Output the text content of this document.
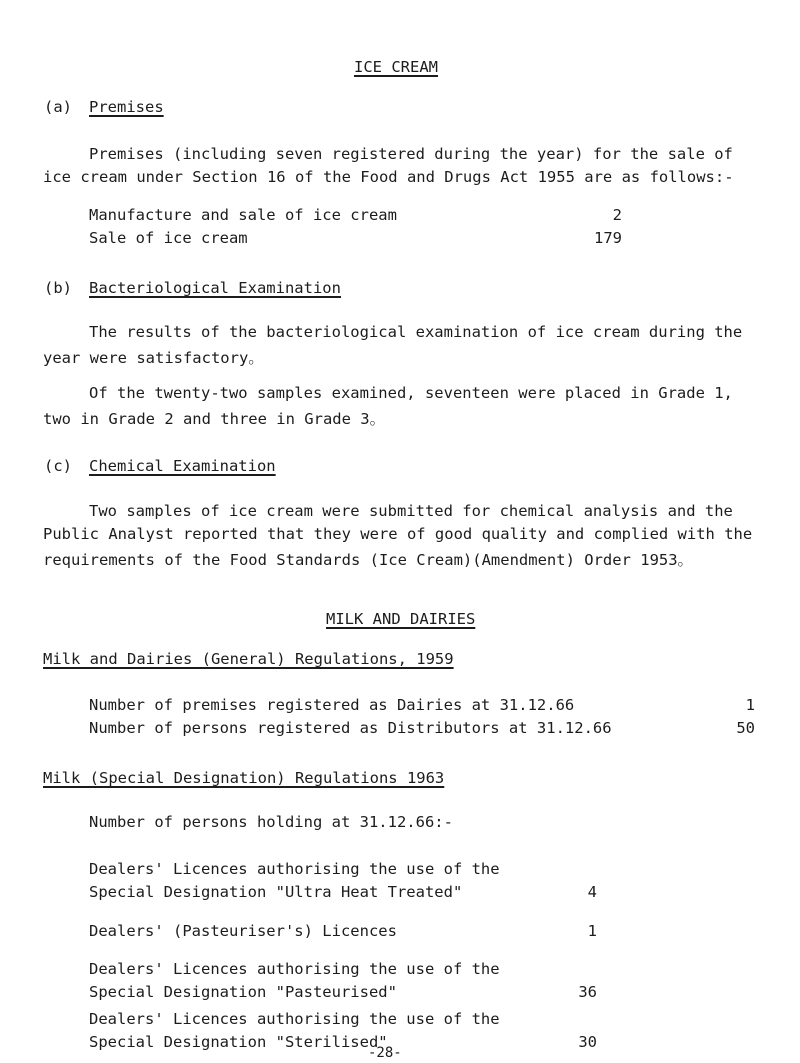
ICE CREAM
(a) Premises
Premises (including seven registered during the year) for the sale of
ice cream under Section 16 of the Food and Drugs Act 1955 are as follows:-
Manufacture and sale of ice cream	2
Sale of ice cream	179
(b) Bacteriological Examination
The results of the bacteriological examination of ice cream during the
year were satisfactory。
Of the twenty-two samples examined, seventeen were placed in Grade 1,
two in Grade 2 and three in Grade 3。
(c) Chemical Examination
Two samples of ice cream were submitted for chemical analysis and the
Public Analyst reported that they were of good quality and complied with the
requirements of the Food Standards (Ice Cream)(Amendment) Order 1953。
MILK AND DAIRIES
Milk and Dairies (General) Regulations, 1959
Number of premises registered as Dairies at 31.12.66	1
Number of persons registered as Distributors at 31.12.66	50
Milk (Special Designation) Regulations 1963
Number of persons holding at 31.12.66:-
Dealers' Licences authorising the use of the
Special Designation "Ultra Heat Treated"	4
Dealers' (Pasteuriser's) Licences	1
Dealers' Licences authorising the use of the
Special Designation "Pasteurised"	36
Dealers' Licences authorising the use of the
Special Designation "Sterilised"	30
-28-
